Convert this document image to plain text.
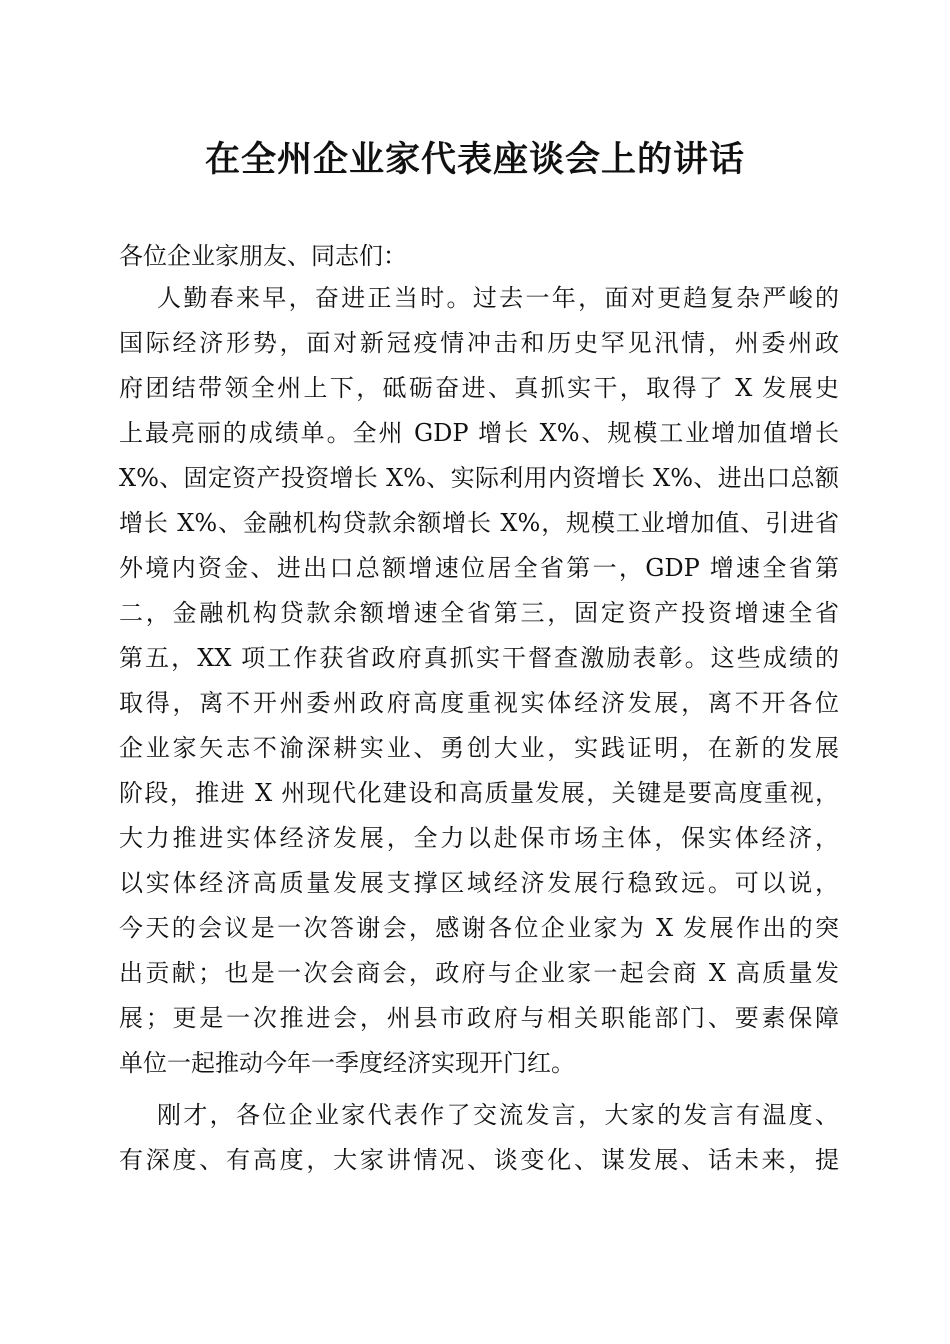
在全州企业家代表座谈会上的讲话
各位企业家朋友、同志们：
人勤春来早，奋进正当时。过去一年，面对更趋复杂严峻的
国际经济形势，面对新冠疫情冲击和历史罕见汛情，州委州政
府团结带领全州上下，砥砺奋进、真抓实干，取得了 X 发展史
上最亮丽的成绩单。全州 GDP 增长 X%、规模工业增加值增长
X%、固定资产投资增长 X%、实际利用内资增长 X%、进出口总额
增长 X%、金融机构贷款余额增长 X%，规模工业增加值、引进省
外境内资金、进出口总额增速位居全省第一，GDP 增速全省第
二，金融机构贷款余额增速全省第三，固定资产投资增速全省
第五，XX 项工作获省政府真抓实干督查激励表彰。这些成绩的
取得，离不开州委州政府高度重视实体经济发展，离不开各位
企业家矢志不渝深耕实业、勇创大业，实践证明，在新的发展
阶段，推进 X 州现代化建设和高质量发展，关键是要高度重视，
大力推进实体经济发展，全力以赴保市场主体，保实体经济，
以实体经济高质量发展支撑区域经济发展行稳致远。可以说，
今天的会议是一次答谢会，感谢各位企业家为 X 发展作出的突
出贡献；也是一次会商会，政府与企业家一起会商 X 高质量发
展；更是一次推进会，州县市政府与相关职能部门、要素保障
单位一起推动今年一季度经济实现开门红。
刚才，各位企业家代表作了交流发言，大家的发言有温度、
有深度、有高度，大家讲情况、谈变化、谋发展、话未来，提
